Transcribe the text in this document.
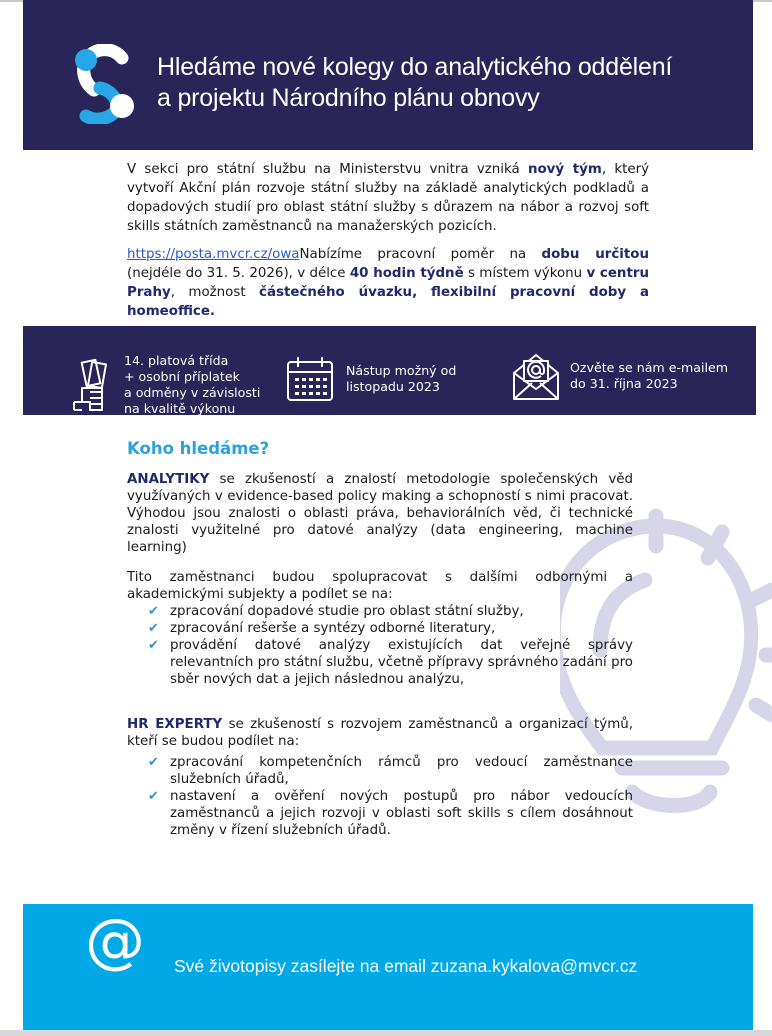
Hledáme nové kolegy do analytického oddělení
a projektu Národního plánu obnovy

V sekci pro státní službu na Ministerstvu vnitra vzniká nový tým, který vytvoří Akční plán rozvoje státní služby na základě analytických podkladů a dopadových studií pro oblast státní služby s důrazem na nábor a rozvoj soft skills státních zaměstnanců na manažerských pozicích.

https://posta.mvcr.cz/owaNabízíme pracovní poměr na dobu určitou (nejdéle do 31. 5. 2026), v délce 40 hodin týdně s místem výkonu v centru Prahy, možnost částečného úvazku, flexibilní pracovní doby a homeoffice.

14. platová třída
+ osobní příplatek
a odměny v závislosti
na kvalitě výkonu
Nástup možný od
listopadu 2023
Ozvěte se nám e-mailem
do 31. října 2023
Koho hledáme?

ANALYTIKY se zkušeností a znalostí metodologie společenských věd využívaných v evidence-based policy making a schopností s nimi pracovat. Výhodou jsou znalosti o oblasti práva, behaviorálních věd, či technické znalosti využitelné pro datové analýzy (data engineering, machine learning)

Tito zaměstnanci budou spolupracovat s dalšími odbornými a akademickými subjekty a podílet se na:

✔ zpracování dopadové studie pro oblast státní služby,
✔ zpracování rešerše a syntézy odborné literatury,
✔ provádění datové analýzy existujících dat veřejné správy relevantních pro státní službu, včetně přípravy správného zadání pro sběr nových dat a jejich následnou analýzu,

HR EXPERTY se zkušeností s rozvojem zaměstnanců a organizací týmů, kteří se budou podílet na:

✔ zpracování kompetenčních rámců pro vedoucí zaměstnance služebních úřadů,
✔ nastavení a ověření nových postupů pro nábor vedoucích zaměstnanců a jejich rozvoji v oblasti soft skills s cílem dosáhnout změny v řízení služebních úřadů.
@ Své životopisy zasílejte na email zuzana.kykalova@mvcr.cz
